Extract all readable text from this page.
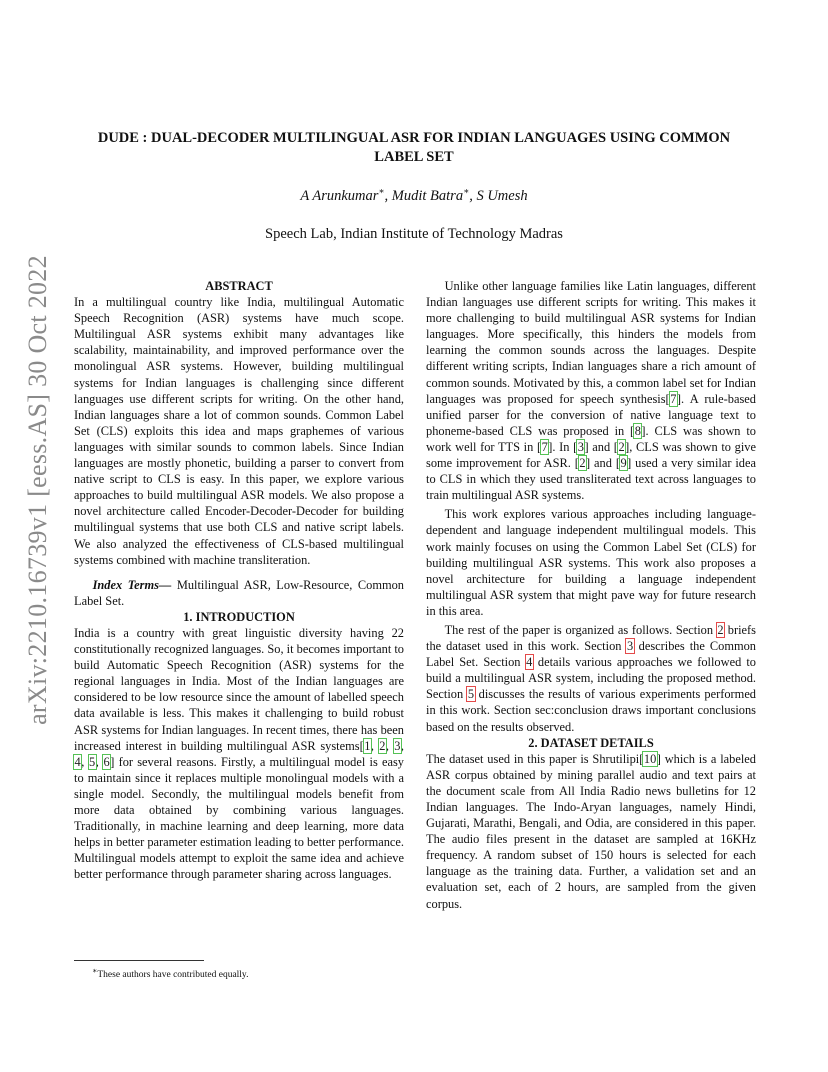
arXiv:2210.16739v1 [eess.AS] 30 Oct 2022
DUDE : DUAL-DECODER MULTILINGUAL ASR FOR INDIAN LANGUAGES USING COMMON LABEL SET

A Arunkumar∗, Mudit Batra∗, S Umesh

Speech Lab, Indian Institute of Technology Madras

ABSTRACT

In a multilingual country like India, multilingual Automatic Speech Recognition (ASR) systems have much scope. Multilingual ASR systems exhibit many advantages like scalability, maintainability, and improved performance over the monolingual ASR systems. However, building multilingual systems for Indian languages is challenging since different languages use different scripts for writing. On the other hand, Indian languages share a lot of common sounds. Common Label Set (CLS) exploits this idea and maps graphemes of various languages with similar sounds to common labels. Since Indian languages are mostly phonetic, building a parser to convert from native script to CLS is easy. In this paper, we explore various approaches to build multilingual ASR models. We also propose a novel architecture called Encoder-Decoder-Decoder for building multilingual systems that use both CLS and native script labels. We also analyzed the effectiveness of CLS-based multilingual systems combined with machine transliteration.

Index Terms— Multilingual ASR, Low-Resource, Common Label Set.

1. INTRODUCTION

India is a country with great linguistic diversity having 22 constitutionally recognized languages. So, it becomes important to build Automatic Speech Recognition (ASR) systems for the regional languages in India. Most of the Indian languages are considered to be low resource since the amount of labelled speech data available is less. This makes it challenging to build robust ASR systems for Indian languages. In recent times, there has been increased interest in building multilingual ASR systems[1, 2, 3, 4, 5, 6] for several reasons. Firstly, a multilingual model is easy to maintain since it replaces multiple monolingual models with a single model. Secondly, the multilingual models benefit from more data obtained by combining various languages. Traditionally, in machine learning and deep learning, more data helps in better parameter estimation leading to better performance. Multilingual models attempt to exploit the same idea and achieve better performance through parameter sharing across languages.

∗These authors have contributed equally.

Unlike other language families like Latin languages, different Indian languages use different scripts for writing. This makes it more challenging to build multilingual ASR systems for Indian languages. More specifically, this hinders the models from learning the common sounds across the languages. Despite different writing scripts, Indian languages share a rich amount of common sounds. Motivated by this, a common label set for Indian languages was proposed for speech synthesis[7]. A rule-based unified parser for the conversion of native language text to phoneme-based CLS was proposed in [8]. CLS was shown to work well for TTS in [7]. In [3] and [2], CLS was shown to give some improvement for ASR. [2] and [9] used a very similar idea to CLS in which they used transliterated text across languages to train multilingual ASR systems.

This work explores various approaches including language-dependent and language independent multilingual models. This work mainly focuses on using the Common Label Set (CLS) for building multilingual ASR systems. This work also proposes a novel architecture for building a language independent multilingual ASR system that might pave way for future research in this area.

The rest of the paper is organized as follows. Section 2 briefs the dataset used in this work. Section 3 describes the Common Label Set. Section 4 details various approaches we followed to build a multilingual ASR system, including the proposed method. Section 5 discusses the results of various experiments performed in this work. Section sec:conclusion draws important conclusions based on the results observed.

2. DATASET DETAILS

The dataset used in this paper is Shrutilipi[10] which is a labeled ASR corpus obtained by mining parallel audio and text pairs at the document scale from All India Radio news bulletins for 12 Indian languages. The Indo-Aryan languages, namely Hindi, Gujarati, Marathi, Bengali, and Odia, are considered in this paper. The audio files present in the dataset are sampled at 16KHz frequency. A random subset of 150 hours is selected for each language as the training data. Further, a validation set and an evaluation set, each of 2 hours, are sampled from the given corpus.
